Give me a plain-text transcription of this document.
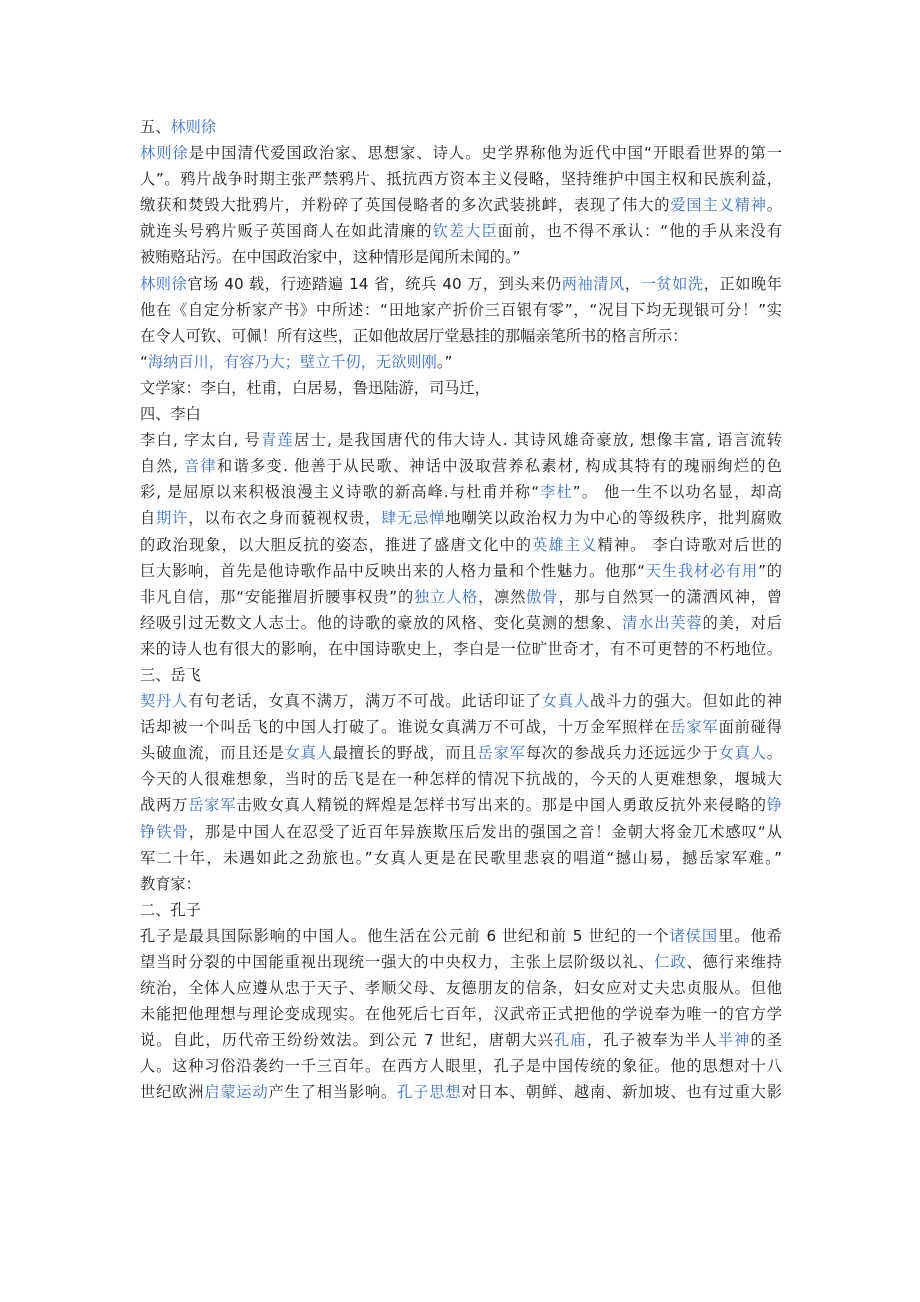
五、林则徐
林则徐是中国清代爱国政治家、思想家、诗人。史学界称他为近代中国“开眼看世界的第一
人”。鸦片战争时期主张严禁鸦片、抵抗西方资本主义侵略，坚持维护中国主权和民族利益，
缴获和焚毁大批鸦片，并粉碎了英国侵略者的多次武装挑衅，表现了伟大的爱国主义精神。
就连头号鸦片贩子英国商人在如此清廉的钦差大臣面前，也不得不承认：“他的手从来没有
被贿赂玷污。在中国政治家中，这种情形是闻所未闻的。”
林则徐官场 40 载，行迹踏遍 14 省，统兵 40 万，到头来仍两袖清风，一贫如洗，正如晚年
他在《自定分析家产书》中所述：“田地家产折价三百银有零”，“况目下均无现银可分！”实
在令人可钦、可佩！所有这些，正如他故居厅堂悬挂的那幅亲笔所书的格言所示：
“海纳百川，有容乃大；壁立千仞，无欲则刚。”
文学家：李白，杜甫，白居易，鲁迅陆游，司马迁，
四、李白
李白, 字太白, 号青莲居士, 是我国唐代的伟大诗人. 其诗风雄奇豪放, 想像丰富, 语言流转
自然, 音律和谐多变. 他善于从民歌、神话中汲取营养私素材, 构成其特有的瑰丽绚烂的色
彩, 是屈原以来积极浪漫主义诗歌的新高峰.与杜甫并称“李杜”。 他一生不以功名显，却高
自期许，以布衣之身而藐视权贵，肆无忌惮地嘲笑以政治权力为中心的等级秩序，批判腐败
的政治现象，以大胆反抗的姿态，推进了盛唐文化中的英雄主义精神。 李白诗歌对后世的
巨大影响，首先是他诗歌作品中反映出来的人格力量和个性魅力。他那“天生我材必有用”的
非凡自信，那“安能摧眉折腰事权贵”的独立人格，凛然傲骨，那与自然冥一的潇洒风神，曾
经吸引过无数文人志士。他的诗歌的豪放的风格、变化莫测的想象、清水出芙蓉的美，对后
来的诗人也有很大的影响，在中国诗歌史上，李白是一位旷世奇才，有不可更替的不朽地位。
三、岳飞
契丹人有句老话，女真不满万，满万不可战。此话印证了女真人战斗力的强大。但如此的神
话却被一个叫岳飞的中国人打破了。谁说女真满万不可战，十万金军照样在岳家军面前碰得
头破血流，而且还是女真人最擅长的野战，而且岳家军每次的参战兵力还远远少于女真人。
今天的人很难想象，当时的岳飞是在一种怎样的情况下抗战的，今天的人更难想象，堰城大
战两万岳家军击败女真人精锐的辉煌是怎样书写出来的。那是中国人勇敢反抗外来侵略的铮
铮铁骨，那是中国人在忍受了近百年异族欺压后发出的强国之音！金朝大将金兀术感叹“从
军二十年，未遇如此之劲旅也。”女真人更是在民歌里悲哀的唱道“撼山易，撼岳家军难。”
教育家：
二、孔子
孔子是最具国际影响的中国人。他生活在公元前 6 世纪和前 5 世纪的一个诸侯国里。他希
望当时分裂的中国能重视出现统一强大的中央权力，主张上层阶级以礼、仁政、德行来维持
统治，全体人应遵从忠于天子、孝顺父母、友德朋友的信条，妇女应对丈夫忠贞服从。但他
未能把他理想与理论变成现实。在他死后七百年，汉武帝正式把他的学说奉为唯一的官方学
说。自此，历代帝王纷纷效法。到公元 7 世纪，唐朝大兴孔庙，孔子被奉为半人半神的圣
人。这种习俗沿袭约一千三百年。在西方人眼里，孔子是中国传统的象征。他的思想对十八
世纪欧洲启蒙运动产生了相当影响。孔子思想对日本、朝鲜、越南、新加坡、也有过重大影
